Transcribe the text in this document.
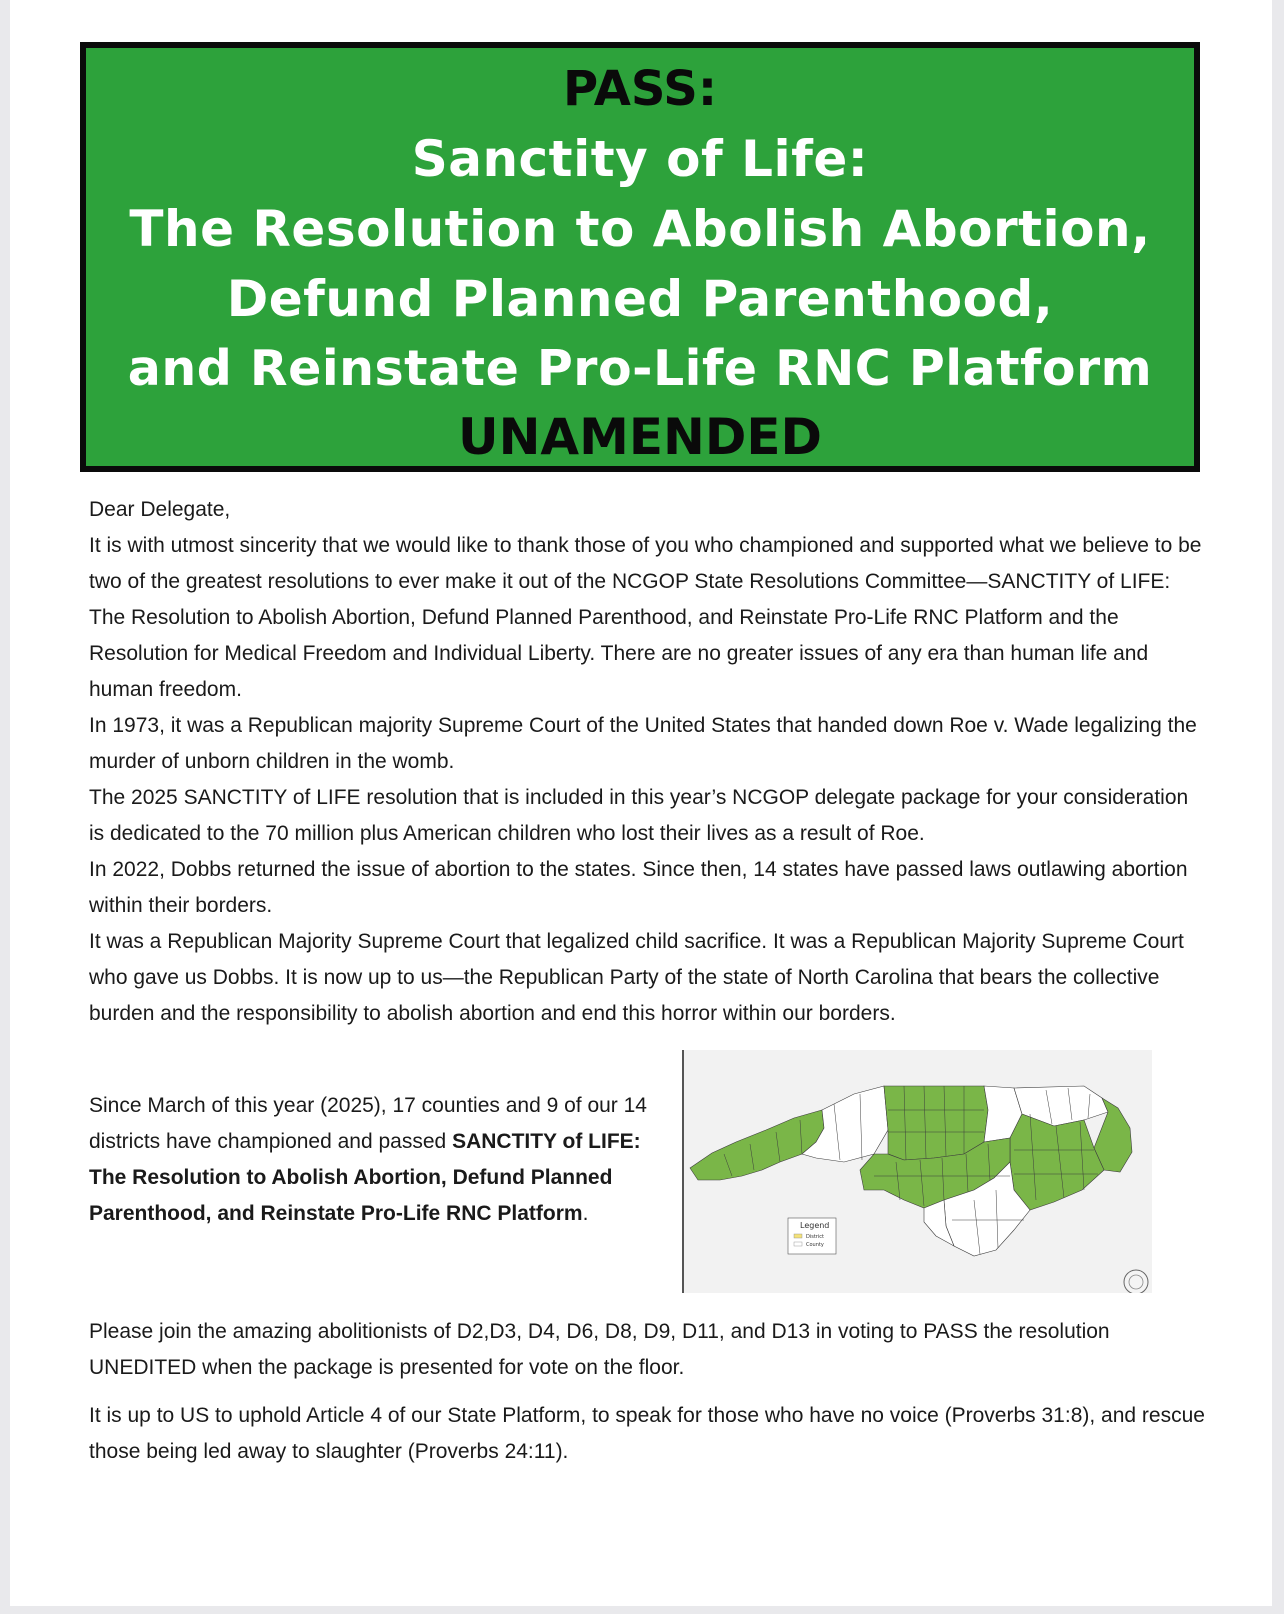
PASS:
Sanctity of Life:
The Resolution to Abolish Abortion,
Defund Planned Parenthood,
and Reinstate Pro-Life RNC Platform
UNAMENDED

Dear Delegate,

It is with utmost sincerity that we would like to thank those of you who championed and supported what we believe to be two of the greatest resolutions to ever make it out of the NCGOP State Resolutions Committee—SANCTITY of LIFE: The Resolution to Abolish Abortion, Defund Planned Parenthood, and Reinstate Pro-Life RNC Platform and the Resolution for Medical Freedom and Individual Liberty. There are no greater issues of any era than human life and human freedom.

In 1973, it was a Republican majority Supreme Court of the United States that handed down Roe v. Wade legalizing the murder of unborn children in the womb.

The 2025 SANCTITY of LIFE resolution that is included in this year’s NCGOP delegate package for your consideration is dedicated to the 70 million plus American children who lost their lives as a result of Roe.

In 2022, Dobbs returned the issue of abortion to the states. Since then, 14 states have passed laws outlawing abortion within their borders.

It was a Republican Majority Supreme Court that legalized child sacrifice. It was a Republican Majority Supreme Court who gave us Dobbs. It is now up to us—the Republican Party of the state of North Carolina that bears the collective burden and the responsibility to abolish abortion and end this horror within our borders.

Since March of this year (2025), 17 counties and 9 of our 14 districts have championed and passed SANCTITY of LIFE: The Resolution to Abolish Abortion, Defund Planned Parenthood, and Reinstate Pro-Life RNC Platform.

Legend
District
County

Please join the amazing abolitionists of D2,D3, D4, D6, D8, D9, D11, and D13 in voting to PASS the resolution UNEDITED when the package is presented for vote on the floor.

It is up to US to uphold Article 4 of our State Platform, to speak for those who have no voice (Proverbs 31:8), and rescue those being led away to slaughter (Proverbs 24:11).
